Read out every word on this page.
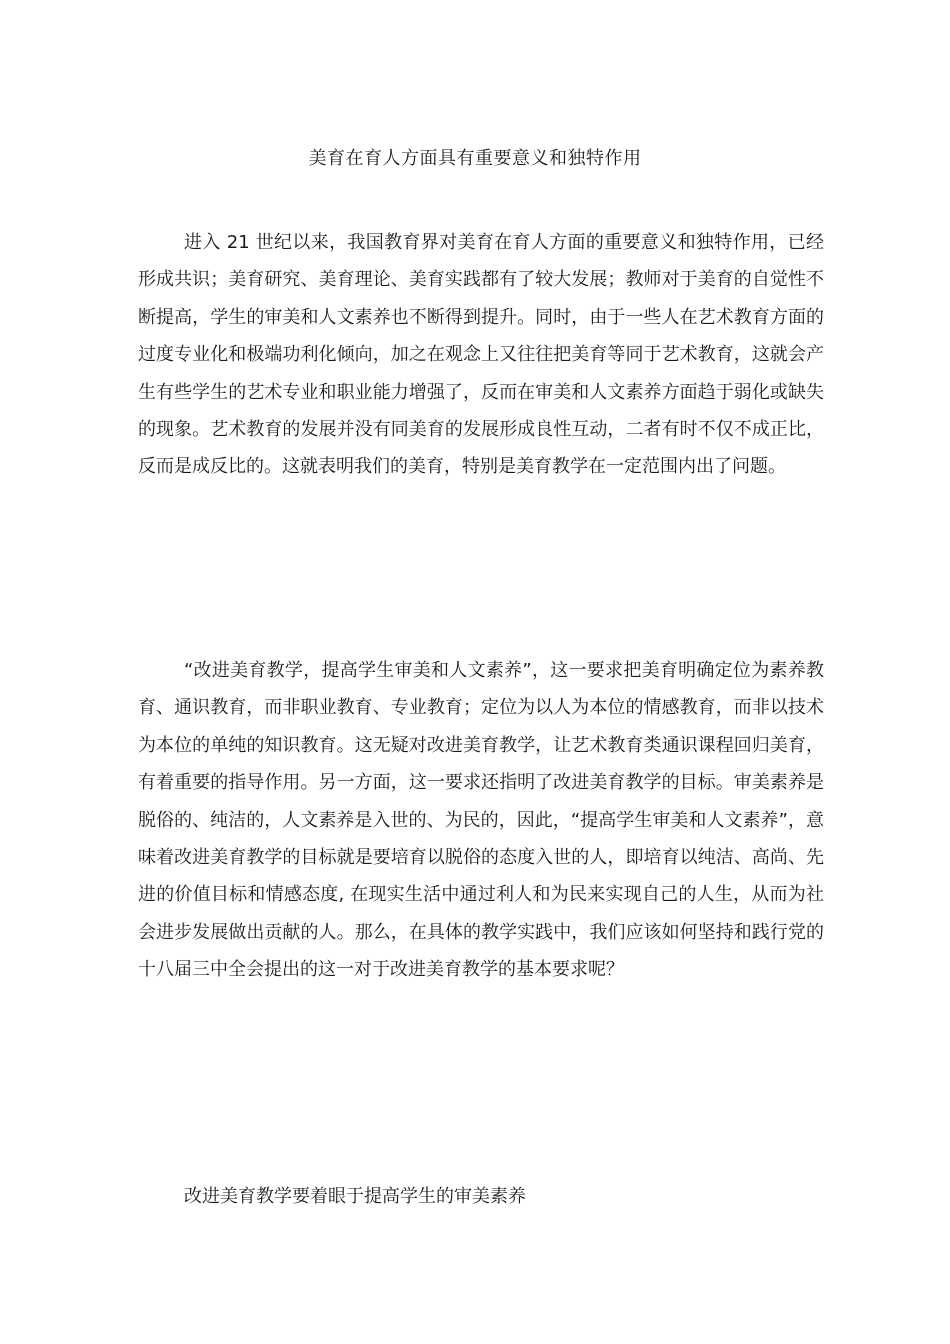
美育在育人方面具有重要意义和独特作用

进入 21 世纪以来，我国教育界对美育在育人方面的重要意义和独特作用，已经形成共识；美育研究、美育理论、美育实践都有了较大发展；教师对于美育的自觉性不断提高，学生的审美和人文素养也不断得到提升。同时，由于一些人在艺术教育方面的过度专业化和极端功利化倾向，加之在观念上又往往把美育等同于艺术教育，这就会产生有些学生的艺术专业和职业能力增强了，反而在审美和人文素养方面趋于弱化或缺失的现象。艺术教育的发展并没有同美育的发展形成良性互动，二者有时不仅不成正比，反而是成反比的。这就表明我们的美育，特别是美育教学在一定范围内出了问题。

“改进美育教学，提高学生审美和人文素养”，这一要求把美育明确定位为素养教育、通识教育，而非职业教育、专业教育；定位为以人为本位的情感教育，而非以技术为本位的单纯的知识教育。这无疑对改进美育教学，让艺术教育类通识课程回归美育，有着重要的指导作用。另一方面，这一要求还指明了改进美育教学的目标。审美素养是脱俗的、纯洁的，人文素养是入世的、为民的，因此，“提高学生审美和人文素养”，意味着改进美育教学的目标就是要培育以脱俗的态度入世的人，即培育以纯洁、高尚、先进的价值目标和情感态度, 在现实生活中通过利人和为民来实现自己的人生，从而为社会进步发展做出贡献的人。那么，在具体的教学实践中，我们应该如何坚持和践行党的十八届三中全会提出的这一对于改进美育教学的基本要求呢？

改进美育教学要着眼于提高学生的审美素养
